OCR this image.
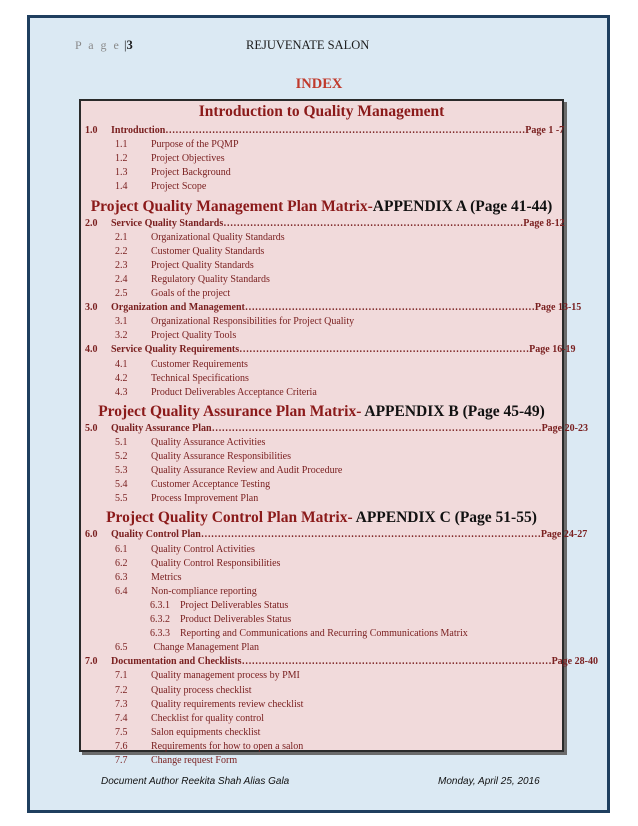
P a g e |3	REJUVENATE SALON
INDEX
Introduction to Quality Management
1.0 Introduction………………………………………………………………………………………………Page 1 -7
1.1 Purpose of the PQMP
1.2 Project Objectives
1.3 Project Background
1.4 Project Scope
Project Quality Management Plan Matrix-APPENDIX A (Page 41-44)
2.0 Service Quality Standards………………………………………………………………………………Page 8-12
2.1 Organizational Quality Standards
2.2 Customer Quality Standards
2.3 Project Quality Standards
2.4 Regulatory Quality Standards
2.5 Goals of the project
3.0 Organization and Management……………………………………………………………………………Page 13-15
3.1 Organizational Responsibilities for Project Quality
3.2 Project Quality Tools
4.0 Service Quality Requirements……………………………………………………………………………Page 16-19
4.1 Customer Requirements
4.2 Technical Specifications
4.3 Product Deliverables Acceptance Criteria
Project Quality Assurance Plan Matrix- APPENDIX B (Page 45-49)
5.0 Quality Assurance Plan………………………………………………………………………………………Page 20-23
5.1 Quality Assurance Activities
5.2 Quality Assurance Responsibilities
5.3 Quality Assurance Review and Audit Procedure
5.4 Customer Acceptance Testing
5.5 Process Improvement Plan
Project Quality Control Plan Matrix- APPENDIX C (Page 51-55)
6.0 Quality Control Plan…………………………………………………………………………………………Page 24-27
6.1 Quality Control Activities
6.2 Quality Control Responsibilities
6.3 Metrics
6.4 Non-compliance reporting
6.3.1 Project Deliverables Status
6.3.2 Product Deliverables Status
6.3.3 Reporting and Communications and Recurring Communications Matrix
6.5 Change Management Plan
7.0 Documentation and Checklists…………………………………………………………………………………Page 28-40
7.1 Quality management process by PMI
7.2 Quality process checklist
7.3 Quality requirements review checklist
7.4 Checklist for quality control
7.5 Salon equipments checklist
7.6 Requirements for how to open a salon
7.7 Change request Form
Document Author Reekita Shah Alias Gala	Monday, April 25, 2016
